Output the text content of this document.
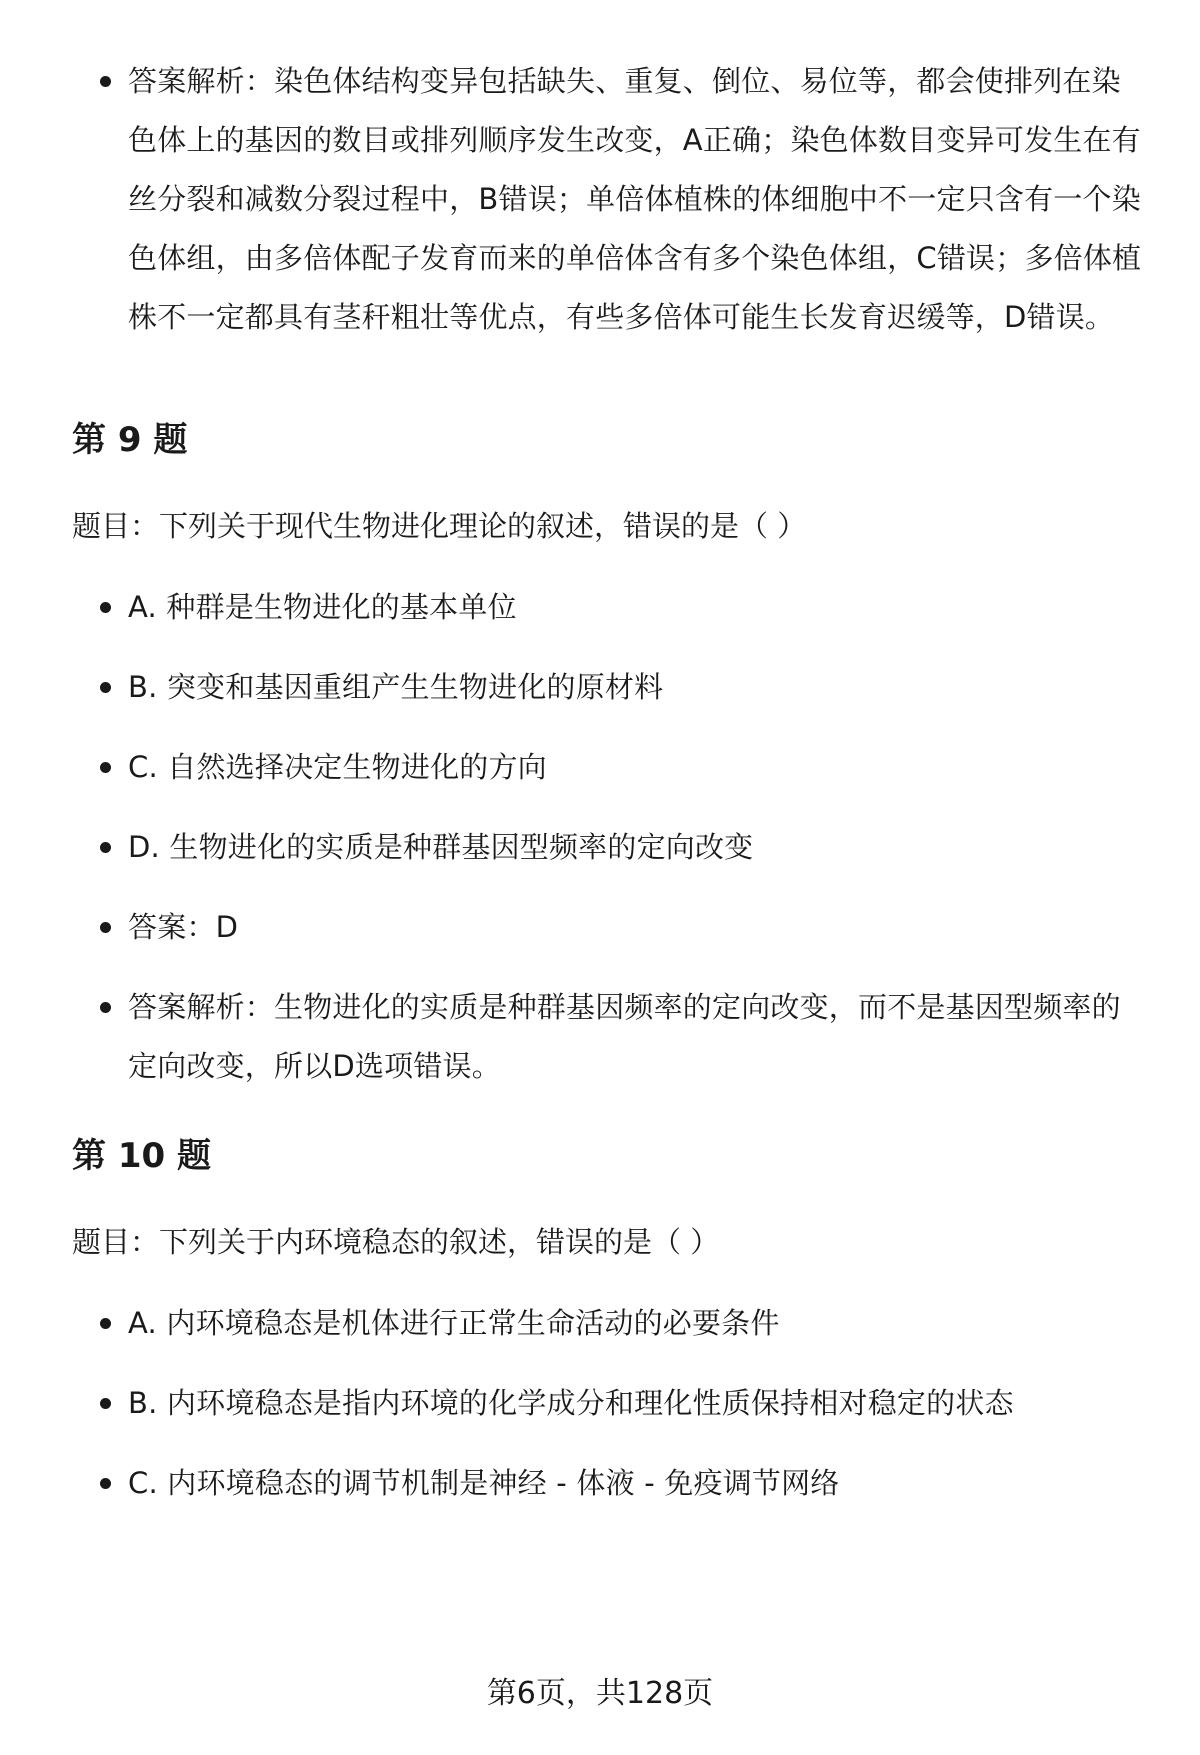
答案解析：染色体结构变异包括缺失、重复、倒位、易位等，都会使排列在染色体上的基因的数目或排列顺序发生改变，A正确；染色体数目变异可发生在有丝分裂和减数分裂过程中，B错误；单倍体植株的体细胞中不一定只含有一个染色体组，由多倍体配子发育而来的单倍体含有多个染色体组，C错误；多倍体植株不一定都具有茎秆粗壮等优点，有些多倍体可能生长发育迟缓等，D错误。
第 9 题
题目：下列关于现代生物进化理论的叙述，错误的是（ ）
A. 种群是生物进化的基本单位
B. 突变和基因重组产生生物进化的原材料
C. 自然选择决定生物进化的方向
D. 生物进化的实质是种群基因型频率的定向改变
答案：D
答案解析：生物进化的实质是种群基因频率的定向改变，而不是基因型频率的定向改变，所以D选项错误。
第 10 题
题目：下列关于内环境稳态的叙述，错误的是（ ）
A. 内环境稳态是机体进行正常生命活动的必要条件
B. 内环境稳态是指内环境的化学成分和理化性质保持相对稳定的状态
C. 内环境稳态的调节机制是神经 - 体液 - 免疫调节网络
第6页，共128页
